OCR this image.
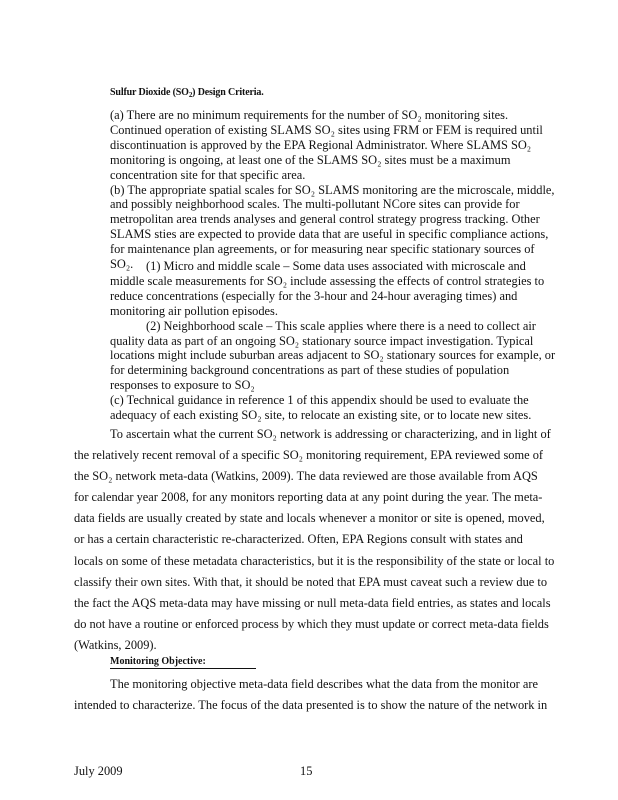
Sulfur Dioxide $(SO_2)$ Design Criteria.
(a) There are no minimum requirements for the number of SO₂ monitoring sites.
Continued operation of existing SLAMS SO₂ sites using FRM or FEM is required until
discontinuation is approved by the EPA Regional Administrator. Where SLAMS SO₂
monitoring is ongoing, at least one of the SLAMS SO₂ sites must be a maximum
concentration site for that specific area.
(b) The appropriate spatial scales for SO₂ SLAMS monitoring are the microscale, middle,
and possibly neighborhood scales. The multi-pollutant NCore sites can provide for
metropolitan area trends analyses and general control strategy progress tracking. Other
SLAMS sties are expected to provide data that are useful in specific compliance actions,
for maintenance plan agreements, or for measuring near specific stationary sources of
SO₂.	(1) Micro and middle scale – Some data uses associated with microscale and
middle scale measurements for SO₂ include assessing the effects of control strategies to
reduce concentrations (especially for the 3-hour and 24-hour averaging times) and
monitoring air pollution episodes.
(2) Neighborhood scale – This scale applies where there is a need to collect air
quality data as part of an ongoing SO₂ stationary source impact investigation. Typical
locations might include suburban areas adjacent to SO₂ stationary sources for example, or
for determining background concentrations as part of these studies of population
responses to exposure to SO₂
(c) Technical guidance in reference 1 of this appendix should be used to evaluate the
adequacy of each existing SO₂ site, to relocate an existing site, or to locate new sites.
To ascertain what the current SO₂ network is addressing or characterizing, and in light of
the relatively recent removal of a specific SO₂ monitoring requirement, EPA reviewed some of
the SO₂ network meta-data (Watkins, 2009). The data reviewed are those available from AQS
for calendar year 2008, for any monitors reporting data at any point during the year. The meta-
data fields are usually created by state and locals whenever a monitor or site is opened, moved,
or has a certain characteristic re-characterized. Often, EPA Regions consult with states and
locals on some of these metadata characteristics, but it is the responsibility of the state or local to
classify their own sites. With that, it should be noted that EPA must caveat such a review due to
the fact the AQS meta-data may have missing or null meta-data field entries, as states and locals
do not have a routine or enforced process by which they must update or correct meta-data fields
(Watkins, 2009).
Monitoring Objective:
The monitoring objective meta-data field describes what the data from the monitor are
intended to characterize. The focus of the data presented is to show the nature of the network in
July 2009	15
